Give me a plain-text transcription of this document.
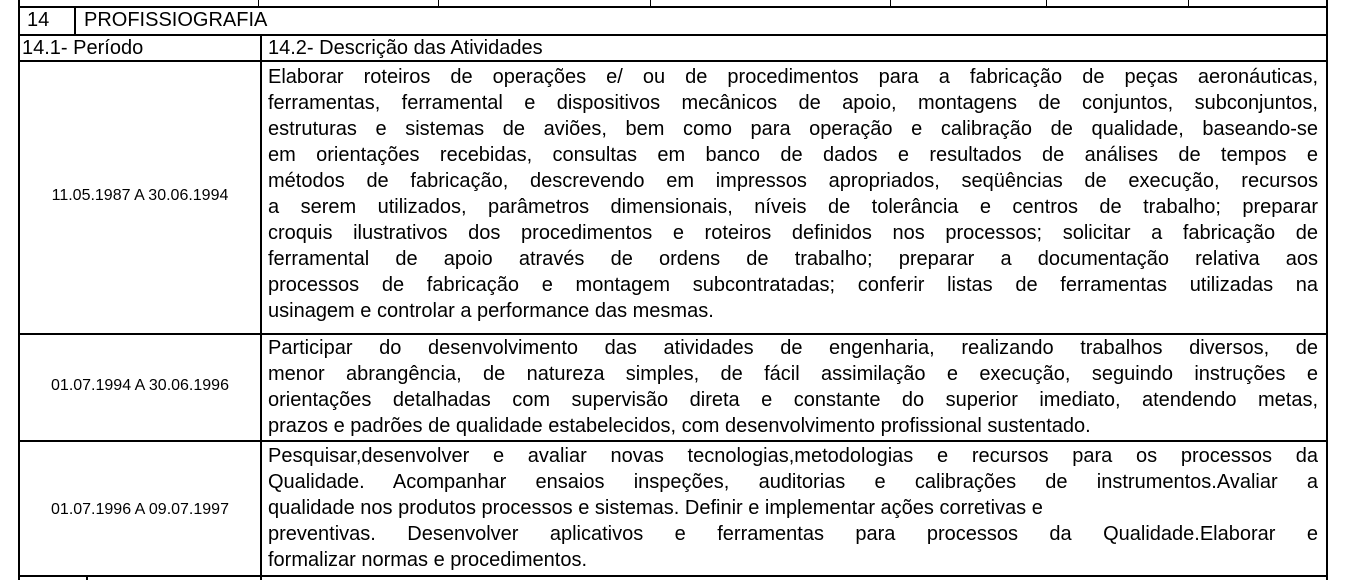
14 PROFISSIOGRAFIA
14.1- Período	14.2- Descrição das Atividades
11.05.1987 A 30.06.1994
Elaborar roteiros de operações e/ ou de procedimentos para a fabricação de peças aeronáuticas,
ferramentas, ferramental e dispositivos mecânicos de apoio, montagens de conjuntos, subconjuntos,
estruturas e sistemas de aviões, bem como para operação e calibração de qualidade, baseando-se
em orientações recebidas, consultas em banco de dados e resultados de análises de tempos e
métodos de fabricação, descrevendo em impressos apropriados, seqüências de execução, recursos
a serem utilizados, parâmetros dimensionais, níveis de tolerância e centros de trabalho; preparar
croquis ilustrativos dos procedimentos e roteiros definidos nos processos; solicitar a fabricação de
ferramental de apoio através de ordens de trabalho; preparar a documentação relativa aos
processos de fabricação e montagem subcontratadas; conferir listas de ferramentas utilizadas na
usinagem e controlar a performance das mesmas.
01.07.1994 A 30.06.1996
Participar do desenvolvimento das atividades de engenharia, realizando trabalhos diversos, de
menor abrangência, de natureza simples, de fácil assimilação e execução, seguindo instruções e
orientações detalhadas com supervisão direta e constante do superior imediato, atendendo metas,
prazos e padrões de qualidade estabelecidos, com desenvolvimento profissional sustentado.
01.07.1996 A 09.07.1997
Pesquisar,desenvolver e avaliar novas tecnologias,metodologias e recursos para os processos da
Qualidade. Acompanhar ensaios inspeções, auditorias e calibrações de instrumentos.Avaliar a
qualidade nos produtos processos e sistemas. Definir e implementar ações corretivas e
preventivas. Desenvolver aplicativos e ferramentas para processos da Qualidade.Elaborar e
formalizar normas e procedimentos.
